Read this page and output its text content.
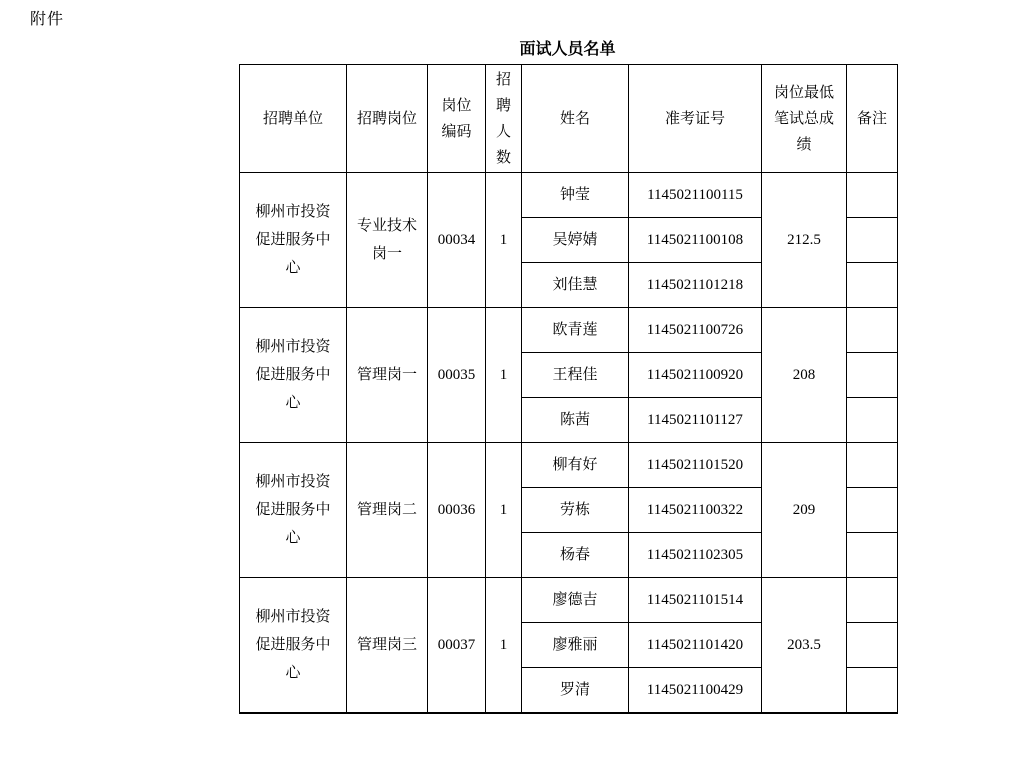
附件
面试人员名单
招聘单位	招聘岗位	岗位编码	招聘人数	姓名	准考证号	岗位最低笔试总成绩	备注
柳州市投资促进服务中心	专业技术岗一	00034	1	钟莹	1145021100115	212.5	
				吴婷婧	1145021100108		
				刘佳慧	1145021101218		
柳州市投资促进服务中心	管理岗一	00035	1	欧青莲	1145021100726	208	
				王程佳	1145021100920		
				陈茜	1145021101127		
柳州市投资促进服务中心	管理岗二	00036	1	柳有好	1145021101520	209	
				劳栋	1145021100322		
				杨春	1145021102305		
柳州市投资促进服务中心	管理岗三	00037	1	廖德吉	1145021101514	203.5	
				廖雅丽	1145021101420		
				罗清	1145021100429		
